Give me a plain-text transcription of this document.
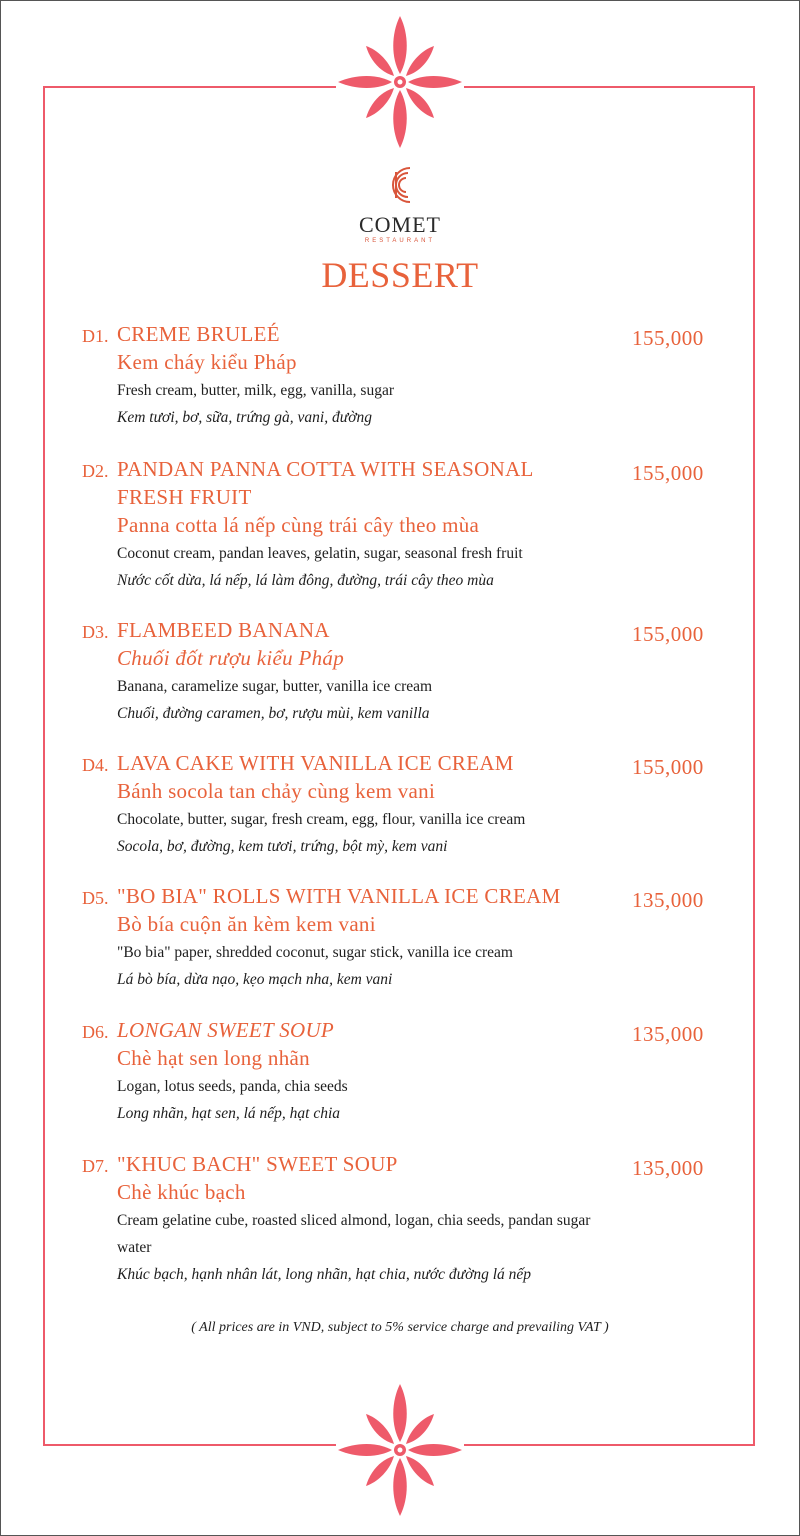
COMET
RESTAURANT
DESSERT
D1. CREME BRULEÉ
Kem cháy kiểu Pháp
Fresh cream, butter, milk, egg, vanilla, sugar
Kem tươi, bơ, sữa, trứng gà, vani, đường
155,000
D2. PANDAN PANNA COTTA WITH SEASONAL FRESH FRUIT
Panna cotta lá nếp cùng trái cây theo mùa
Coconut cream, pandan leaves, gelatin, sugar, seasonal fresh fruit
Nước cốt dừa, lá nếp, lá làm đông, đường, trái cây theo mùa
155,000
D3. FLAMBEED BANANA
Chuối đốt rượu kiểu Pháp
Banana, caramelize sugar, butter, vanilla ice cream
Chuối, đường caramen, bơ, rượu mùi, kem vanilla
155,000
D4. LAVA CAKE WITH VANILLA ICE CREAM
Bánh socola tan chảy cùng kem vani
Chocolate, butter, sugar, fresh cream, egg, flour, vanilla ice cream
Socola, bơ, đường, kem tươi, trứng, bột mỳ, kem vani
155,000
D5. "BO BIA" ROLLS WITH VANILLA ICE CREAM
Bò bía cuộn ăn kèm kem vani
"Bo bia" paper, shredded coconut, sugar stick, vanilla ice cream
Lá bò bía, dừa nạo, kẹo mạch nha, kem vani
135,000
D6. LONGAN SWEET SOUP
Chè hạt sen long nhãn
Logan, lotus seeds, panda, chia seeds
Long nhãn, hạt sen, lá nếp, hạt chia
135,000
D7. "KHUC BACH" SWEET SOUP
Chè khúc bạch
Cream gelatine cube, roasted sliced almond, logan, chia seeds, pandan sugar water
Khúc bạch, hạnh nhân lát, long nhãn, hạt chia, nước đường lá nếp
135,000
( All prices are in VND, subject to 5% service charge and prevailing VAT )
